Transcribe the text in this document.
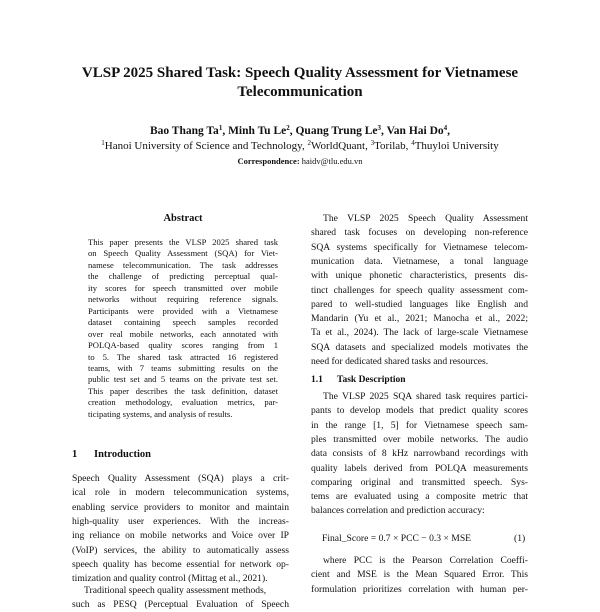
VLSP 2025 Shared Task: Speech Quality Assessment for Vietnamese
Telecommunication
Bao Thang Ta$^1$, Minh Tu Le$^2$, Quang Trung Le$^3$, Van Hai Do$^4$,
$^1$Hanoi University of Science and Technology, $^2$WorldQuant, $^3$Torilab, $^4$Thuyloi University
Correspondence: haidv@tlu.edu.vn
Abstract
This paper presents the VLSP 2025 shared task
on Speech Quality Assessment (SQA) for Viet-
namese telecommunication. The task addresses
the challenge of predicting perceptual qual-
ity scores for speech transmitted over mobile
networks without requiring reference signals.
Participants were provided with a Vietnamese
dataset containing speech samples recorded
over real mobile networks, each annotated with
POLQA-based quality scores ranging from 1
to 5. The shared task attracted 16 registered
teams, with 7 teams submitting results on the
public test set and 5 teams on the private test set.
This paper describes the task definition, dataset
creation methodology, evaluation metrics, par-
ticipating systems, and analysis of results.
1 Introduction
Speech Quality Assessment (SQA) plays a crit-
ical role in modern telecommunication systems,
enabling service providers to monitor and maintain
high-quality user experiences. With the increas-
ing reliance on mobile networks and Voice over IP
(VoIP) services, the ability to automatically assess
speech quality has become essential for network op-
timization and quality control (Mittag et al., 2021).
Traditional speech quality assessment methods,
such as PESQ (Perceptual Evaluation of Speech
The VLSP 2025 Speech Quality Assessment
shared task focuses on developing non-reference
SQA systems specifically for Vietnamese telecom-
munication data. Vietnamese, a tonal language
with unique phonetic characteristics, presents dis-
tinct challenges for speech quality assessment com-
pared to well-studied languages like English and
Mandarin (Yu et al., 2021; Manocha et al., 2022;
Ta et al., 2024). The lack of large-scale Vietnamese
SQA datasets and specialized models motivates the
need for dedicated shared tasks and resources.
1.1 Task Description
The VLSP 2025 SQA shared task requires partici-
pants to develop models that predict quality scores
in the range [1, 5] for Vietnamese speech sam-
ples transmitted over mobile networks. The audio
data consists of 8 kHz narrowband recordings with
quality labels derived from POLQA measurements
comparing original and transmitted speech. Sys-
tems are evaluated using a composite metric that
balances correlation and prediction accuracy:
Final_Score = 0.7 × PCC − 0.3 × MSE	(1)
where PCC is the Pearson Correlation Coeffi-
cient and MSE is the Mean Squared Error. This
formulation prioritizes correlation with human per-
